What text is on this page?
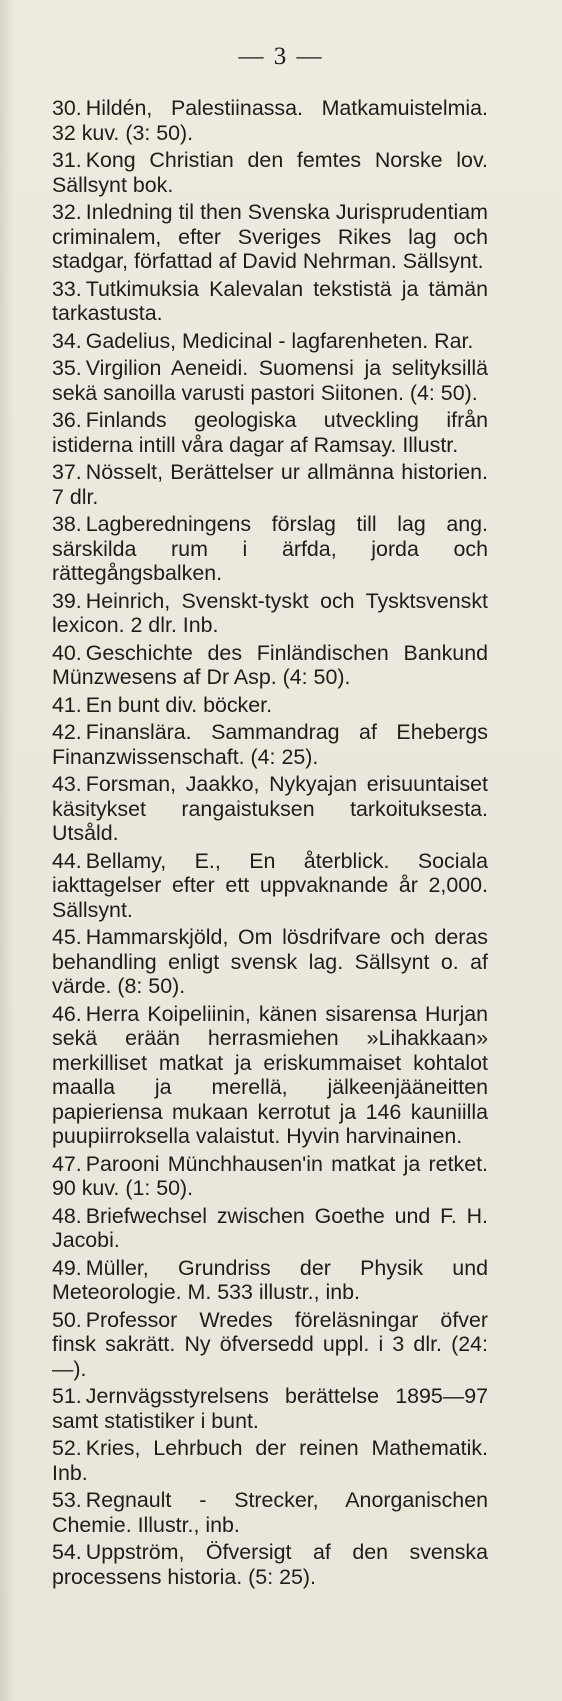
— 3 —

30. Hildén, Palestiinassa. Matkamuistelmia. 32 kuv. (3: 50).

31. Kong Christian den femtes Norske lov. Sällsynt bok.

32. Inledning til then Svenska Jurisprudentiam criminalem, efter Sveriges Rikes lag och stadgar, författad af David Nehrman. Sällsynt.

33. Tutkimuksia Kalevalan tekstistä ja tämän tarkastusta.

34. Gadelius, Medicinal - lagfarenheten. Rar.

35. Virgilion Aeneidi. Suomensi ja selityksillä sekä sanoilla varusti pastori Siitonen. (4: 50).

36. Finlands geologiska utveckling ifrån istiderna intill våra dagar af Ramsay. Illustr.

37. Nösselt, Berättelser ur allmänna historien. 7 dlr.

38. Lagberedningens förslag till lag ang. särskilda rum i ärfda, jorda och rättegångsbalken.

39. Heinrich, Svenskt-tyskt och Tysktsvenskt lexicon. 2 dlr. Inb.

40. Geschichte des Finländischen Bankund Münzwesens af Dr Asp. (4: 50).

41. En bunt div. böcker.

42. Finanslära. Sammandrag af Ehebergs Finanzwissenschaft. (4: 25).

43. Forsman, Jaakko, Nykyajan erisuuntaiset käsitykset rangaistuksen tarkoituksesta. Utsåld.

44. Bellamy, E., En återblick. Sociala iakttagelser efter ett uppvaknande år 2,000. Sällsynt.

45. Hammarskjöld, Om lösdrifvare och deras behandling enligt svensk lag. Sällsynt o. af värde. (8: 50).

46. Herra Koipeliinin, känen sisarensa Hurjan sekä erään herrasmiehen »Lihakkaan» merkilliset matkat ja eriskummaiset kohtalot maalla ja merellä, jälkeenjääneitten papieriensa mukaan kerrotut ja 146 kauniilla puupiirroksella valaistut. Hyvin harvinainen.

47. Parooni Münchhausen'in matkat ja retket. 90 kuv. (1: 50).

48. Briefwechsel zwischen Goethe und F. H. Jacobi.

49. Müller, Grundriss der Physik und Meteorologie. M. 533 illustr., inb.

50. Professor Wredes föreläsningar öfver finsk sakrätt. Ny öfversedd uppl. i 3 dlr. (24: —).

51. Jernvägsstyrelsens berättelse 1895—97 samt statistiker i bunt.

52. Kries, Lehrbuch der reinen Mathematik. Inb.

53. Regnault - Strecker, Anorganischen Chemie. Illustr., inb.

54. Uppström, Öfversigt af den svenska processens historia. (5: 25).
